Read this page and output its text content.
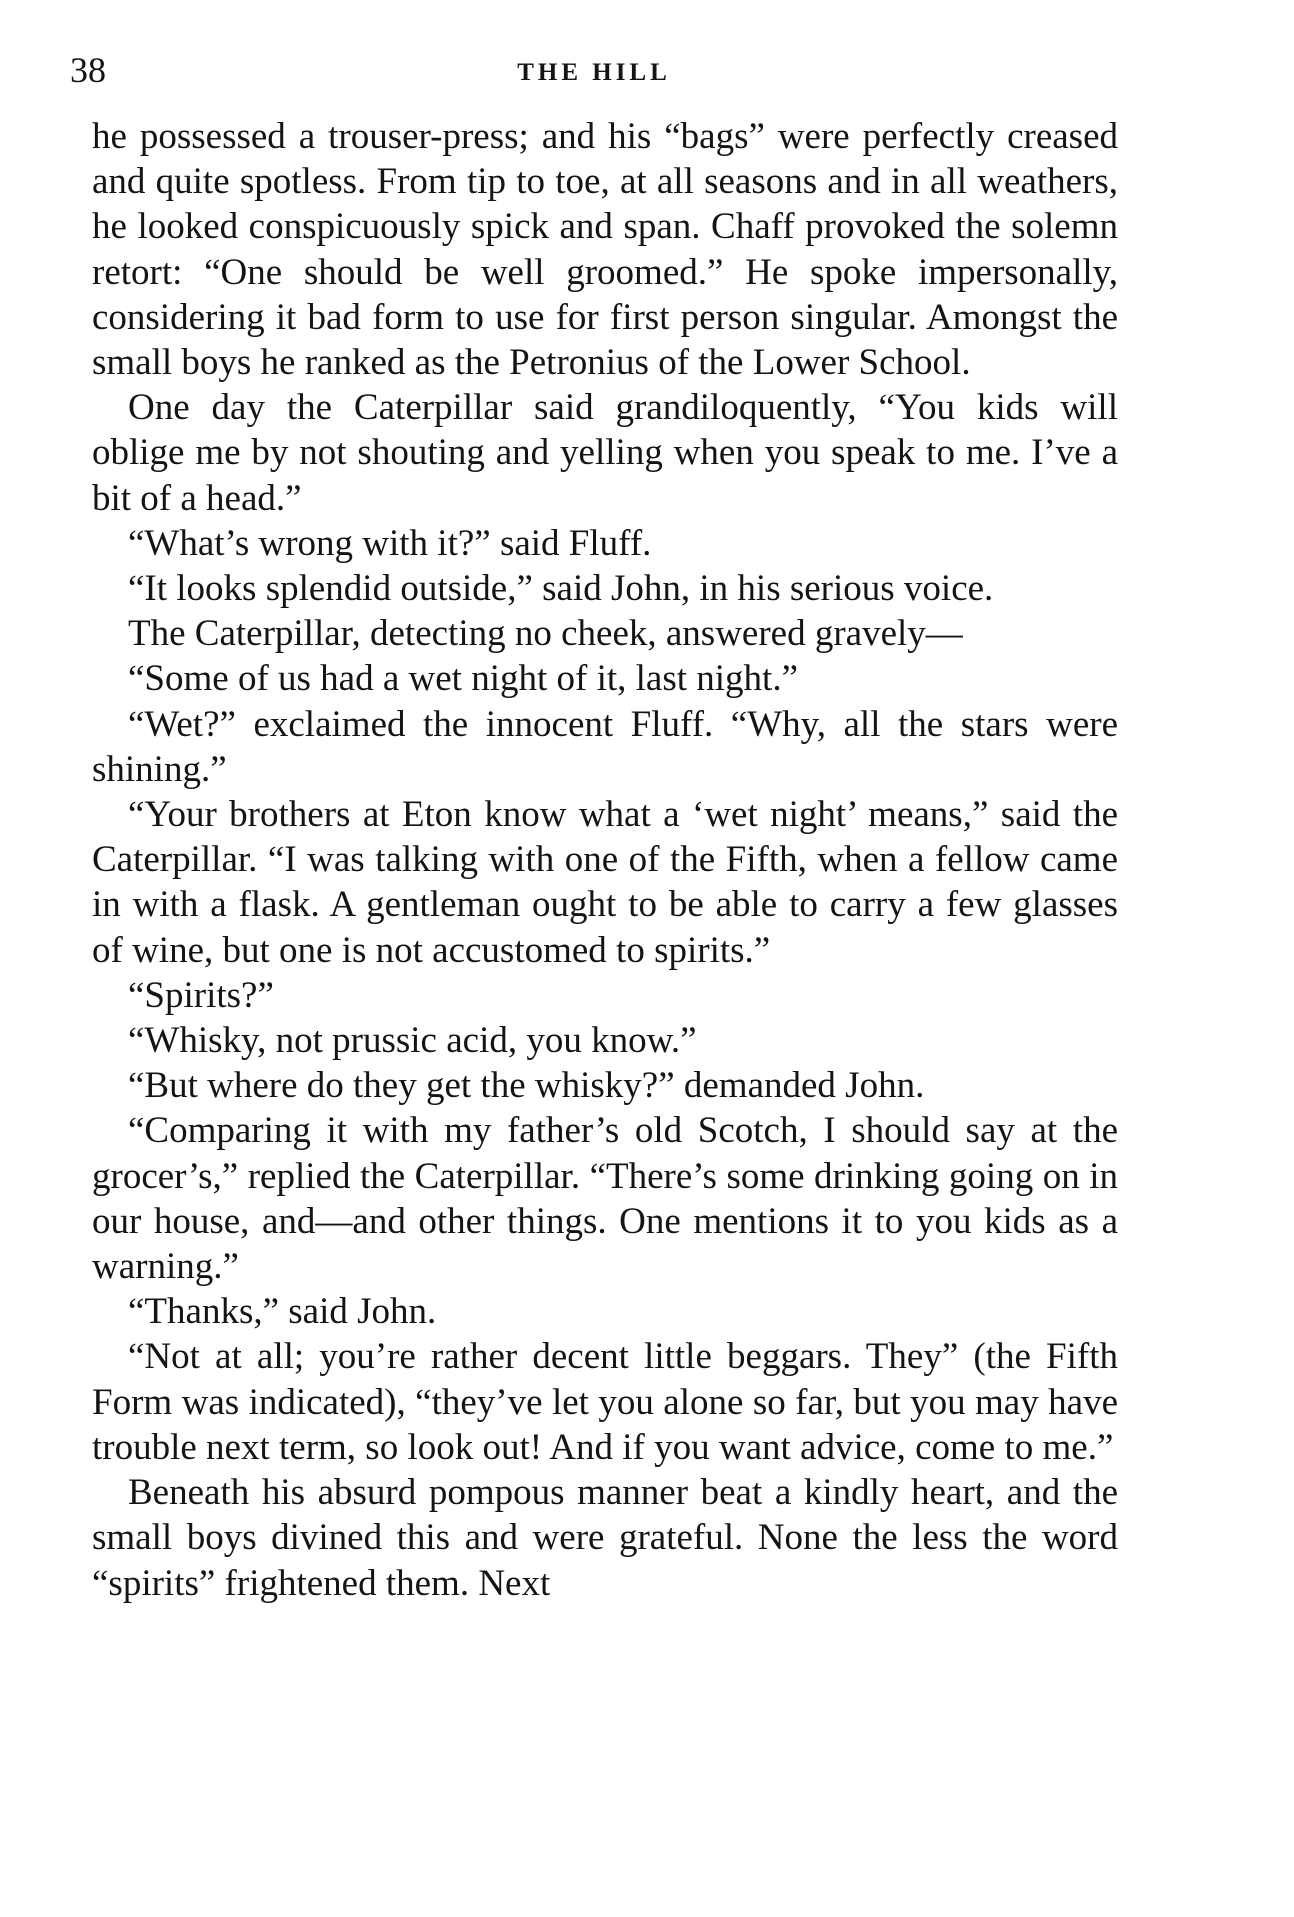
38	THE HILL

he possessed a trouser-press; and his “bags” were perfectly creased and quite spotless. From tip to toe, at all seasons and in all weathers, he looked conspicuously spick and span. Chaff provoked the solemn retort: “One should be well groomed.” He spoke impersonally, considering it bad form to use for first person singular. Amongst the small boys he ranked as the Petronius of the Lower School.

One day the Caterpillar said grandiloquently, “You kids will oblige me by not shouting and yelling when you speak to me. I’ve a bit of a head.”

“What’s wrong with it?” said Fluff.

“It looks splendid outside,” said John, in his serious voice.

The Caterpillar, detecting no cheek, answered gravely—

“Some of us had a wet night of it, last night.”

“Wet?” exclaimed the innocent Fluff. “Why, all the stars were shining.”

“Your brothers at Eton know what a ‘wet night’ means,” said the Caterpillar. “I was talking with one of the Fifth, when a fellow came in with a flask. A gentleman ought to be able to carry a few glasses of wine, but one is not accustomed to spirits.”

“Spirits?”

“Whisky, not prussic acid, you know.”

“But where do they get the whisky?” demanded John.

“Comparing it with my father’s old Scotch, I should say at the grocer’s,” replied the Caterpillar. “There’s some drinking going on in our house, and—and other things. One mentions it to you kids as a warning.”

“Thanks,” said John.

“Not at all; you’re rather decent little beggars. They” (the Fifth Form was indicated), “they’ve let you alone so far, but you may have trouble next term, so look out! And if you want advice, come to me.”

Beneath his absurd pompous manner beat a kindly heart, and the small boys divined this and were grateful. None the less the word “spirits” frightened them. Next
